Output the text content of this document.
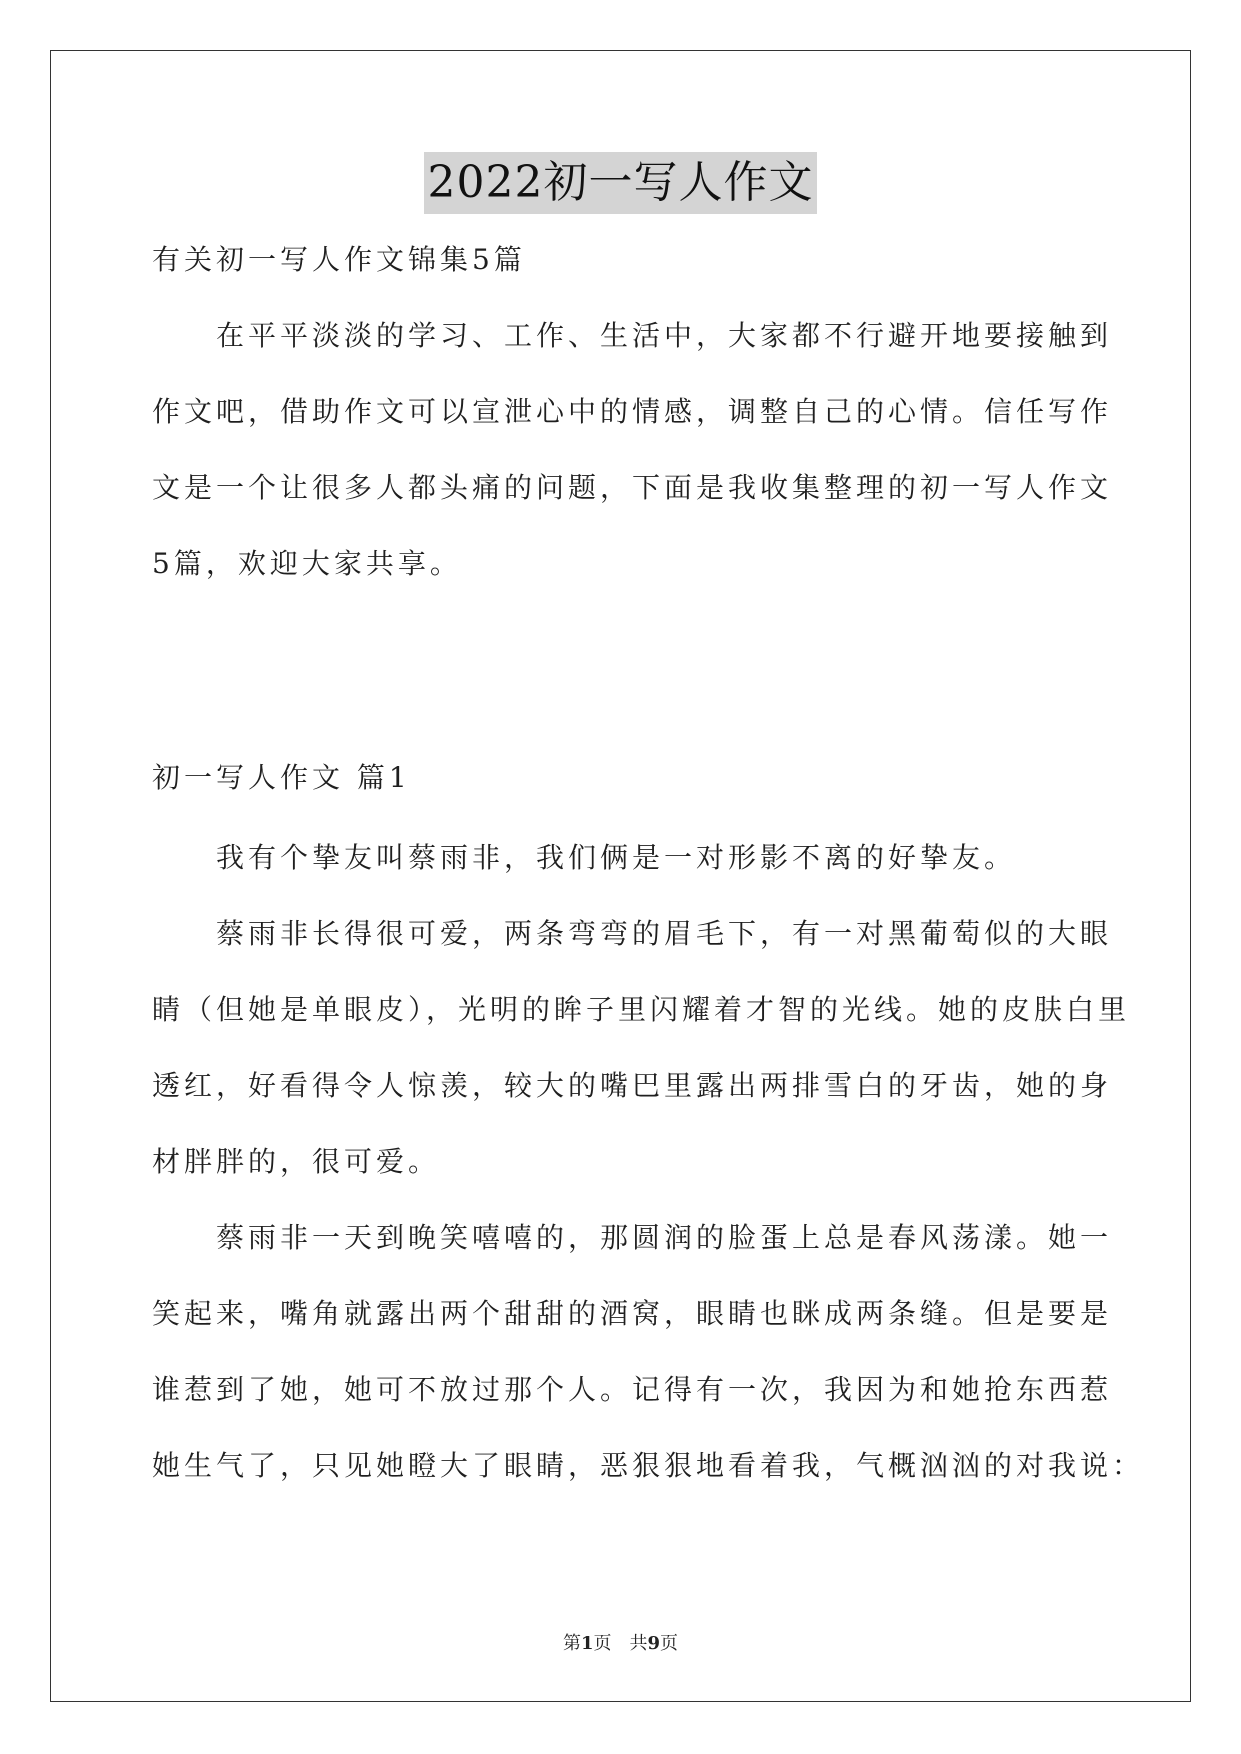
2022初一写人作文
有关初一写人作文锦集5篇
　　在平平淡淡的学习、工作、生活中，大家都不行避开地要接触到
作文吧，借助作文可以宣泄心中的情感，调整自己的心情。信任写作
文是一个让很多人都头痛的问题，下面是我收集整理的初一写人作文
5篇，欢迎大家共享。
初一写人作文 篇1
　　我有个挚友叫蔡雨非，我们俩是一对形影不离的好挚友。
　　蔡雨非长得很可爱，两条弯弯的眉毛下，有一对黑葡萄似的大眼
睛（但她是单眼皮），光明的眸子里闪耀着才智的光线。她的皮肤白里
透红，好看得令人惊羡，较大的嘴巴里露出两排雪白的牙齿，她的身
材胖胖的，很可爱。
　　蔡雨非一天到晚笑嘻嘻的，那圆润的脸蛋上总是春风荡漾。她一
笑起来，嘴角就露出两个甜甜的酒窝，眼睛也眯成两条缝。但是要是
谁惹到了她，她可不放过那个人。记得有一次，我因为和她抢东西惹
她生气了，只见她瞪大了眼睛，恶狠狠地看着我，气概汹汹的对我说：
第1页　共9页
